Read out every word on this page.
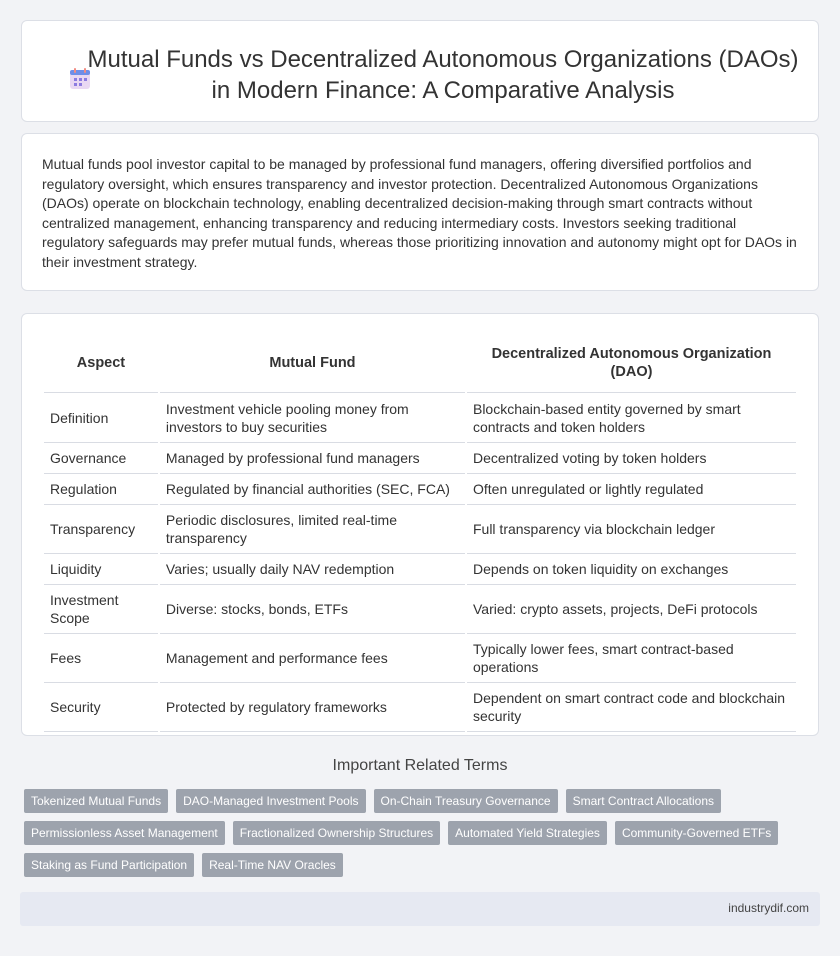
Mutual Funds vs Decentralized Autonomous Organizations (DAOs) in Modern Finance: A Comparative Analysis

Mutual funds pool investor capital to be managed by professional fund managers, offering diversified portfolios and regulatory oversight, which ensures transparency and investor protection. Decentralized Autonomous Organizations (DAOs) operate on blockchain technology, enabling decentralized decision-making through smart contracts without centralized management, enhancing transparency and reducing intermediary costs. Investors seeking traditional regulatory safeguards may prefer mutual funds, whereas those prioritizing innovation and autonomy might opt for DAOs in their investment strategy.

Aspect	Mutual Fund	Decentralized Autonomous Organization (DAO)
Definition	Investment vehicle pooling money from investors to buy securities	Blockchain-based entity governed by smart contracts and token holders
Governance	Managed by professional fund managers	Decentralized voting by token holders
Regulation	Regulated by financial authorities (SEC, FCA)	Often unregulated or lightly regulated
Transparency	Periodic disclosures, limited real-time transparency	Full transparency via blockchain ledger
Liquidity	Varies; usually daily NAV redemption	Depends on token liquidity on exchanges
Investment Scope	Diverse: stocks, bonds, ETFs	Varied: crypto assets, projects, DeFi protocols
Fees	Management and performance fees	Typically lower fees, smart contract-based operations
Security	Protected by regulatory frameworks	Dependent on smart contract code and blockchain security
Important Related Terms
Tokenized Mutual Funds	DAO-Managed Investment Pools	On-Chain Treasury Governance	Smart Contract Allocations
Permissionless Asset Management	Fractionalized Ownership Structures	Automated Yield Strategies	Community-Governed ETFs
Staking as Fund Participation	Real-Time NAV Oracles
industrydif.com
